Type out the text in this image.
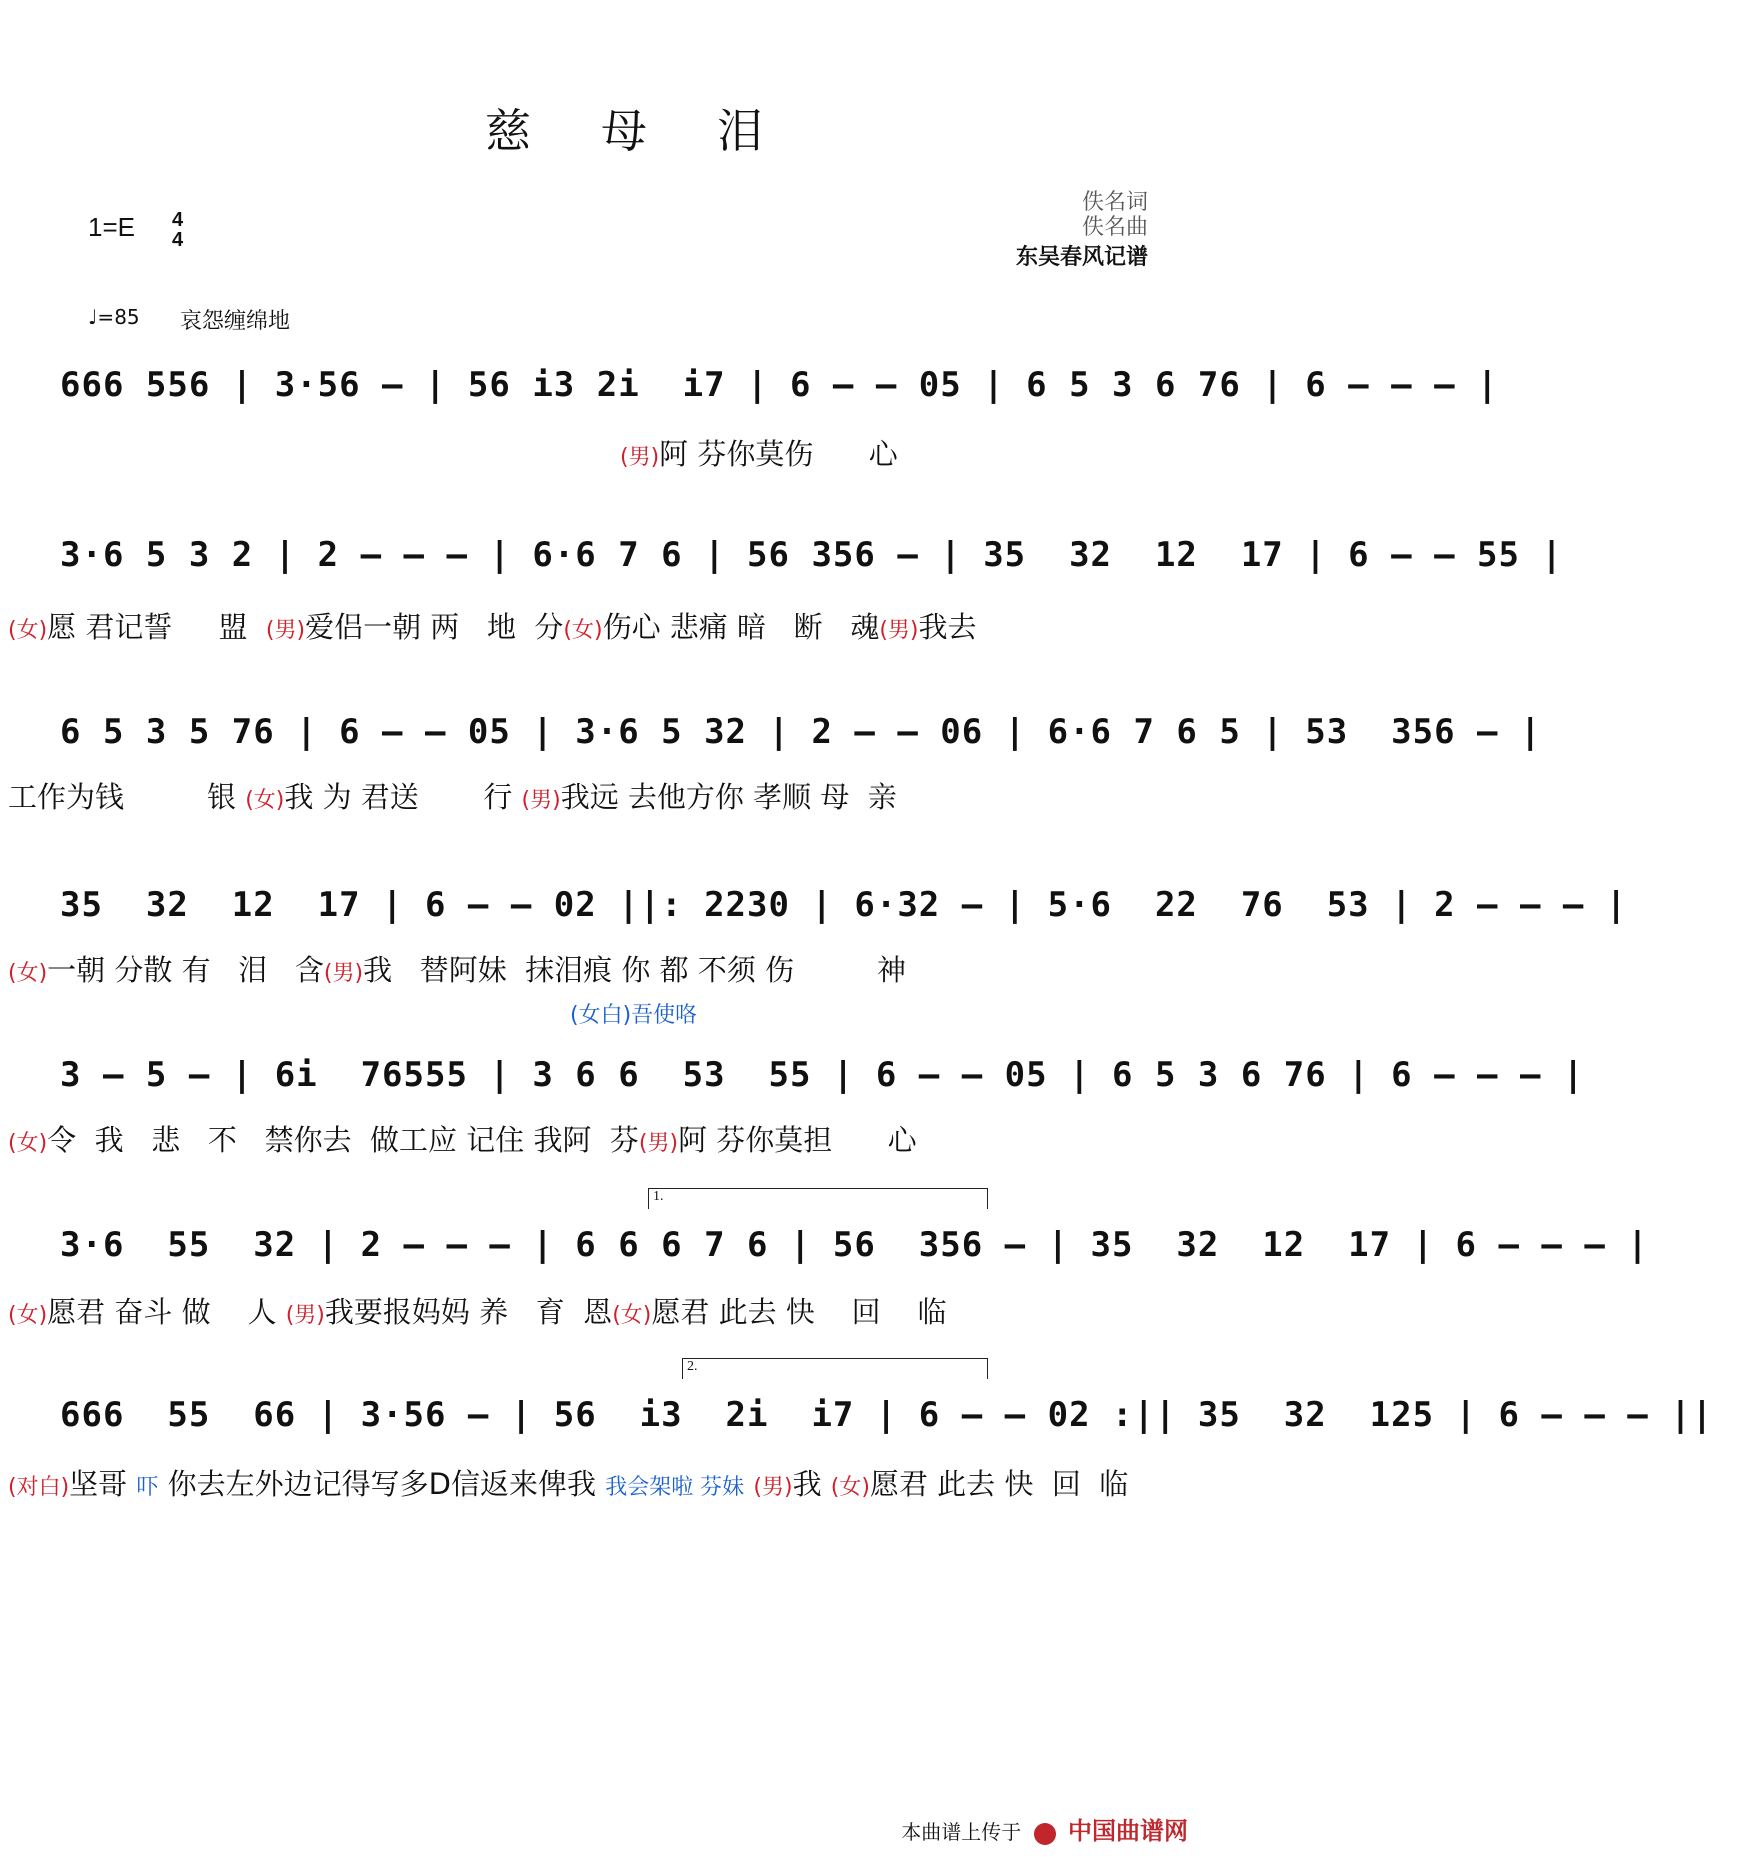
慈母泪
1=E 4
4
♩=85 哀怨缠绵地
佚名词
佚名曲
东吴春风记谱
666 556 | 3·56 – | 56 i3 2i  i7 | 6 – – 05 | 6 5 3 6 76 | 6 – – – |
(男)阿 芬你莫伤      心
3·6 5 3 2 | 2 – – – | 6·6 7 6 | 56 356 – | 35  32  12  17 | 6 – – 55 |
(女)愿 君记誓     盟  (男)爱侣一朝 两   地  分(女)伤心 悲痛 暗   断   魂(男)我去
6 5 3 5 76 | 6 – – 05 | 3·6 5 32 | 2 – – 06 | 6·6 7 6 5 | 53  356 – |
工作为钱         银 (女)我 为 君送       行 (男)我远 去他方你 孝顺 母  亲
35  32  12  17 | 6 – – 02 ||: 2230 | 6·32 – | 5·6  22  76  53 | 2 – – – |
(女)一朝 分散 有   泪   含(男)我   替阿妹  抹泪痕 你 都 不须 伤         神
3 – 5 – | 6i  76555 | 3 6 6  53  55 | 6 – – 05 | 6 5 3 6 76 | 6 – – – |
(女)令  我   悲   不   禁你去  做工应 记住 我阿  芬(男)阿 芬你莫担      心
3·6  55  32 | 2 – – – | 6 6 6 7 6 | 56  356 – | 35  32  12  17 | 6 – – – |
(女)愿君 奋斗 做    人 (男)我要报妈妈 养   育  恩(女)愿君 此去 快    回    临
666  55  66 | 3·56 – | 56  i3  2i  i7 | 6 – – 02 :|| 35  32  125 | 6 – – – ||
(对白)坚哥 吓 你去左外边记得写多D信返来俾我 我会架啦 芬妹 (男)我 (女)愿君 此去 快  回  临
(女白)吾使咯
1.
2.
本曲谱上传于 中国曲谱网
